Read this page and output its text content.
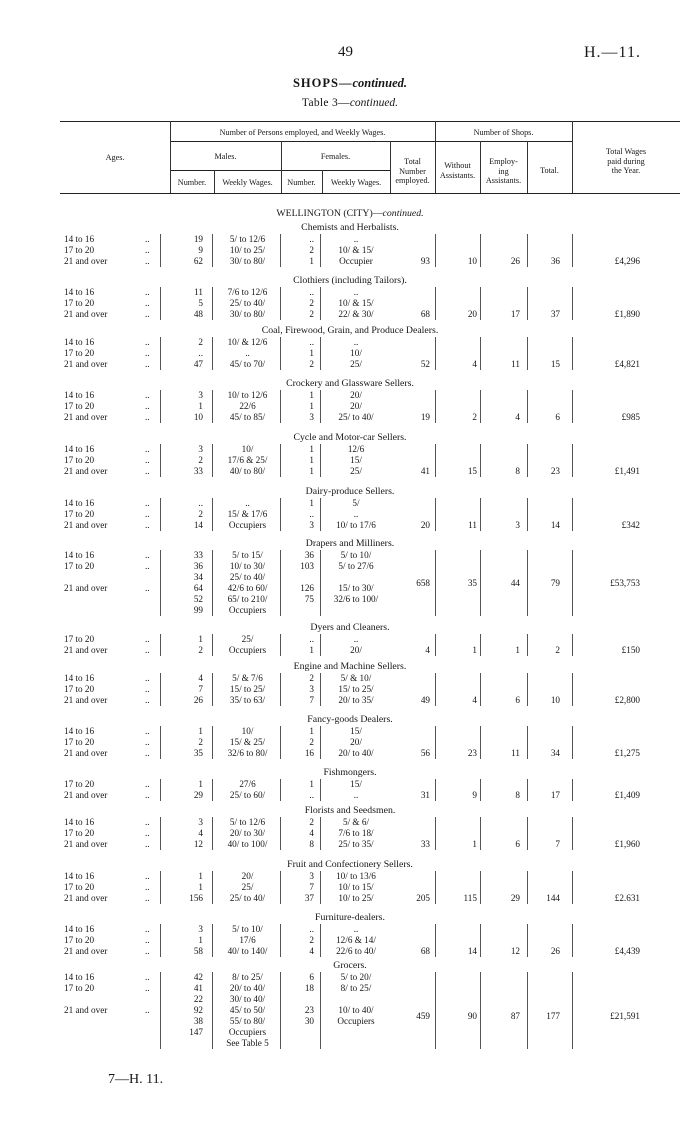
49	H.—11.
SHOPS—continued.
Table 3—continued.
Ages.
Number of Persons employed, and Weekly Wages.
Males.	Females.
Total
Number
employed.
Number of Shops.
Without
Assistants.
Employ-
ing
Assistants.
Total.
Total Wages
paid during
the Year.
Number.	Weekly Wages.	Number.	Weekly Wages.
WELLINGTON (CITY)—continued.
Chemists and Herbalists.
14 to 16	..	19	5/ to 12/6	..	..
17 to 20	..	9	10/ to 25/	2	10/ & 15/
21 and over	..	62	30/ to 80/	1	Occupier	93	10	26	36	£4,296
Clothiers (including Tailors).
14 to 16	..	11	7/6 to 12/6	..	..
17 to 20	..	5	25/ to 40/	2	10/ & 15/
21 and over	..	48	30/ to 80/	2	22/ & 30/	68	20	17	37	£1,890
Coal, Firewood, Grain, and Produce Dealers.
14 to 16	..	2	10/ & 12/6	..	..
17 to 20	..	..	..	1	10/
21 and over	..	47	45/ to 70/	2	25/	52	4	11	15	£4,821
Crockery and Glassware Sellers.
14 to 16	..	3	10/ to 12/6	1	20/
17 to 20	..	1	22/6	1	20/
21 and over	..	10	45/ to 85/	3	25/ to 40/	19	2	4	6	£985
Cycle and Motor-car Sellers.
14 to 16	..	3	10/	1	12/6
17 to 20	..	2	17/6 & 25/	1	15/
21 and over	..	33	40/ to 80/	1	25/	41	15	8	23	£1,491
Dairy-produce Sellers.
14 to 16	..	..	..	1	5/
17 to 20	..	2	15/ & 17/6	..	..
21 and over	..	14	Occupiers	3	10/ to 17/6	20	11	3	14	£342
Drapers and Milliners.
14 to 16	..	33	5/ to 15/	36	5/ to 10/
17 to 20	..	36	10/ to 30/	103	5/ to 27/6
34	25/ to 40/
21 and over	..	64	42/6 to 60/	126	15/ to 30/
52	65/ to 210/	75	32/6 to 100/
99	Occupiers
658	35	44	79	£53,753
Dyers and Cleaners.
17 to 20	..	1	25/	..	..
21 and over	..	2	Occupiers	1	20/	4	1	1	2	£150
Engine and Machine Sellers.
14 to 16	..	4	5/ & 7/6	2	5/ & 10/
17 to 20	..	7	15/ to 25/	3	15/ to 25/
21 and over	..	26	35/ to 63/	7	20/ to 35/	49	4	6	10	£2,800
Fancy-goods Dealers.
14 to 16	..	1	10/	1	15/
17 to 20	..	2	15/ & 25/	2	20/
21 and over	..	35	32/6 to 80/	16	20/ to 40/	56	23	11	34	£1,275
Fishmongers.
17 to 20	..	1	27/6	1	15/
21 and over	..	29	25/ to 60/	..	..	31	9	8	17	£1,409
Florists and Seedsmen.
14 to 16	..	3	5/ to 12/6	2	5/ & 6/
17 to 20	..	4	20/ to 30/	4	7/6 to 18/
21 and over	..	12	40/ to 100/	8	25/ to 35/	33	1	6	7	£1,960
Fruit and Confectionery Sellers.
14 to 16	..	1	20/	3	10/ to 13/6
17 to 20	..	1	25/	7	10/ to 15/
21 and over	..	156	25/ to 40/	37	10/ to 25/	205	115	29	144	£2.631
Furniture-dealers.
14 to 16	..	3	5/ to 10/	..	..
17 to 20	..	1	17/6	2	12/6 & 14/
21 and over	..	58	40/ to 140/	4	22/6 to 40/	68	14	12	26	£4,439
Grocers.
14 to 16	..	42	8/ to 25/	6	5/ to 20/
17 to 20	..	41	20/ to 40/	18	8/ to 25/
22	30/ to 40/
21 and over	..	92	45/ to 50/	23	10/ to 40/
38	55/ to 80/	30	Occupiers
147	Occupiers
See Table 5
459	90	87	177	£21,591
7—H. 11.
